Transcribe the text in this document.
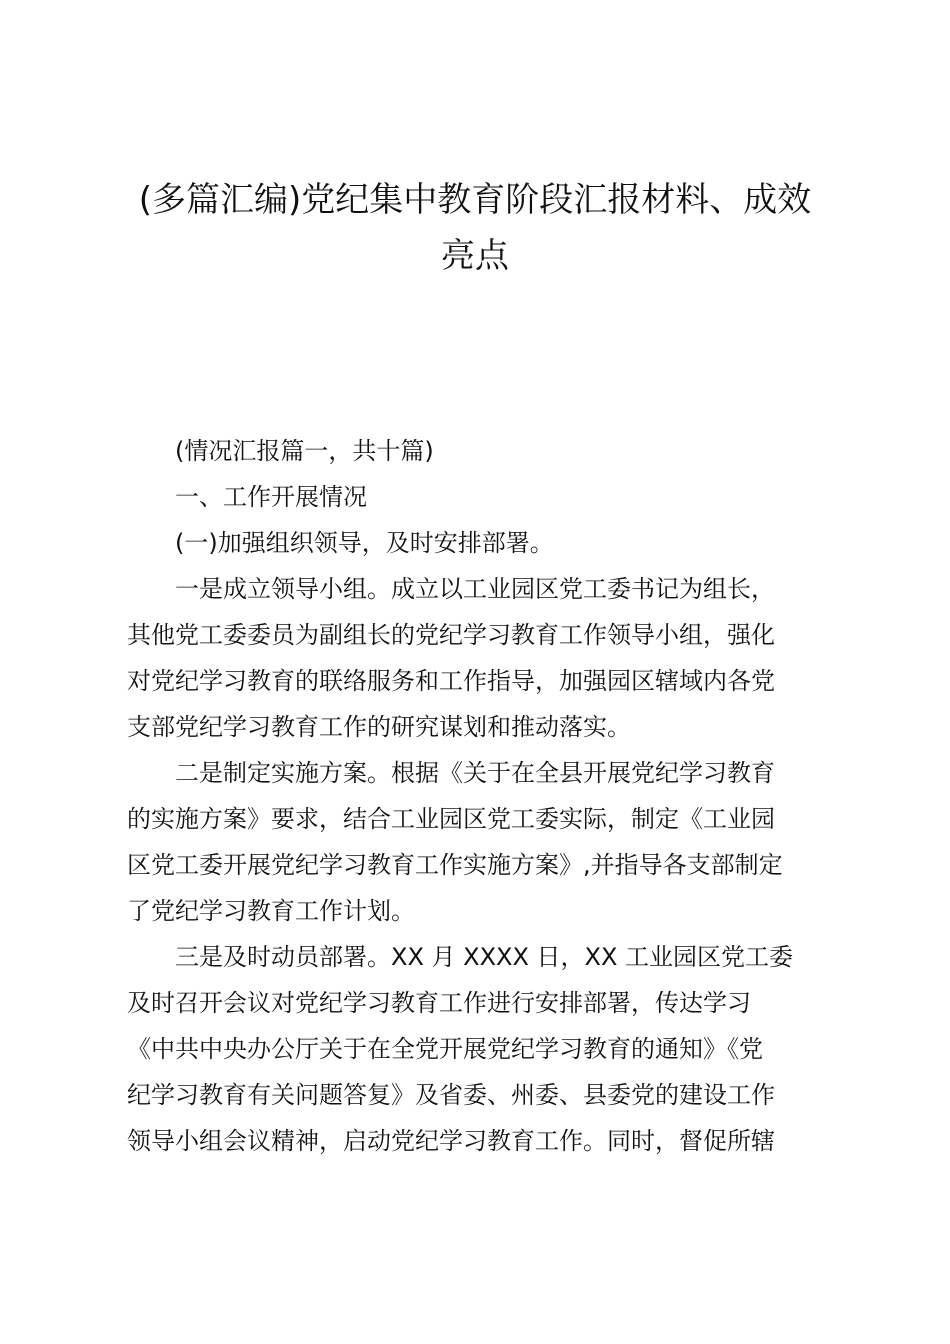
(多篇汇编)党纪集中教育阶段汇报材料、成效
亮点

(情况汇报篇一，共十篇)

一、工作开展情况

(一)加强组织领导，及时安排部署。

一是成立领导小组。成立以工业园区党工委书记为组长，
其他党工委委员为副组长的党纪学习教育工作领导小组，强化
对党纪学习教育的联络服务和工作指导，加强园区辖域内各党
支部党纪学习教育工作的研究谋划和推动落实。

二是制定实施方案。根据《关于在全县开展党纪学习教育
的实施方案》要求，结合工业园区党工委实际，制定《工业园
区党工委开展党纪学习教育工作实施方案》,并指导各支部制定
了党纪学习教育工作计划。

三是及时动员部署。XX 月 XXXX 日，XX 工业园区党工委
及时召开会议对党纪学习教育工作进行安排部署，传达学习
《中共中央办公厅关于在全党开展党纪学习教育的通知》《党
纪学习教育有关问题答复》及省委、州委、县委党的建设工作
领导小组会议精神，启动党纪学习教育工作。同时，督促所辖
